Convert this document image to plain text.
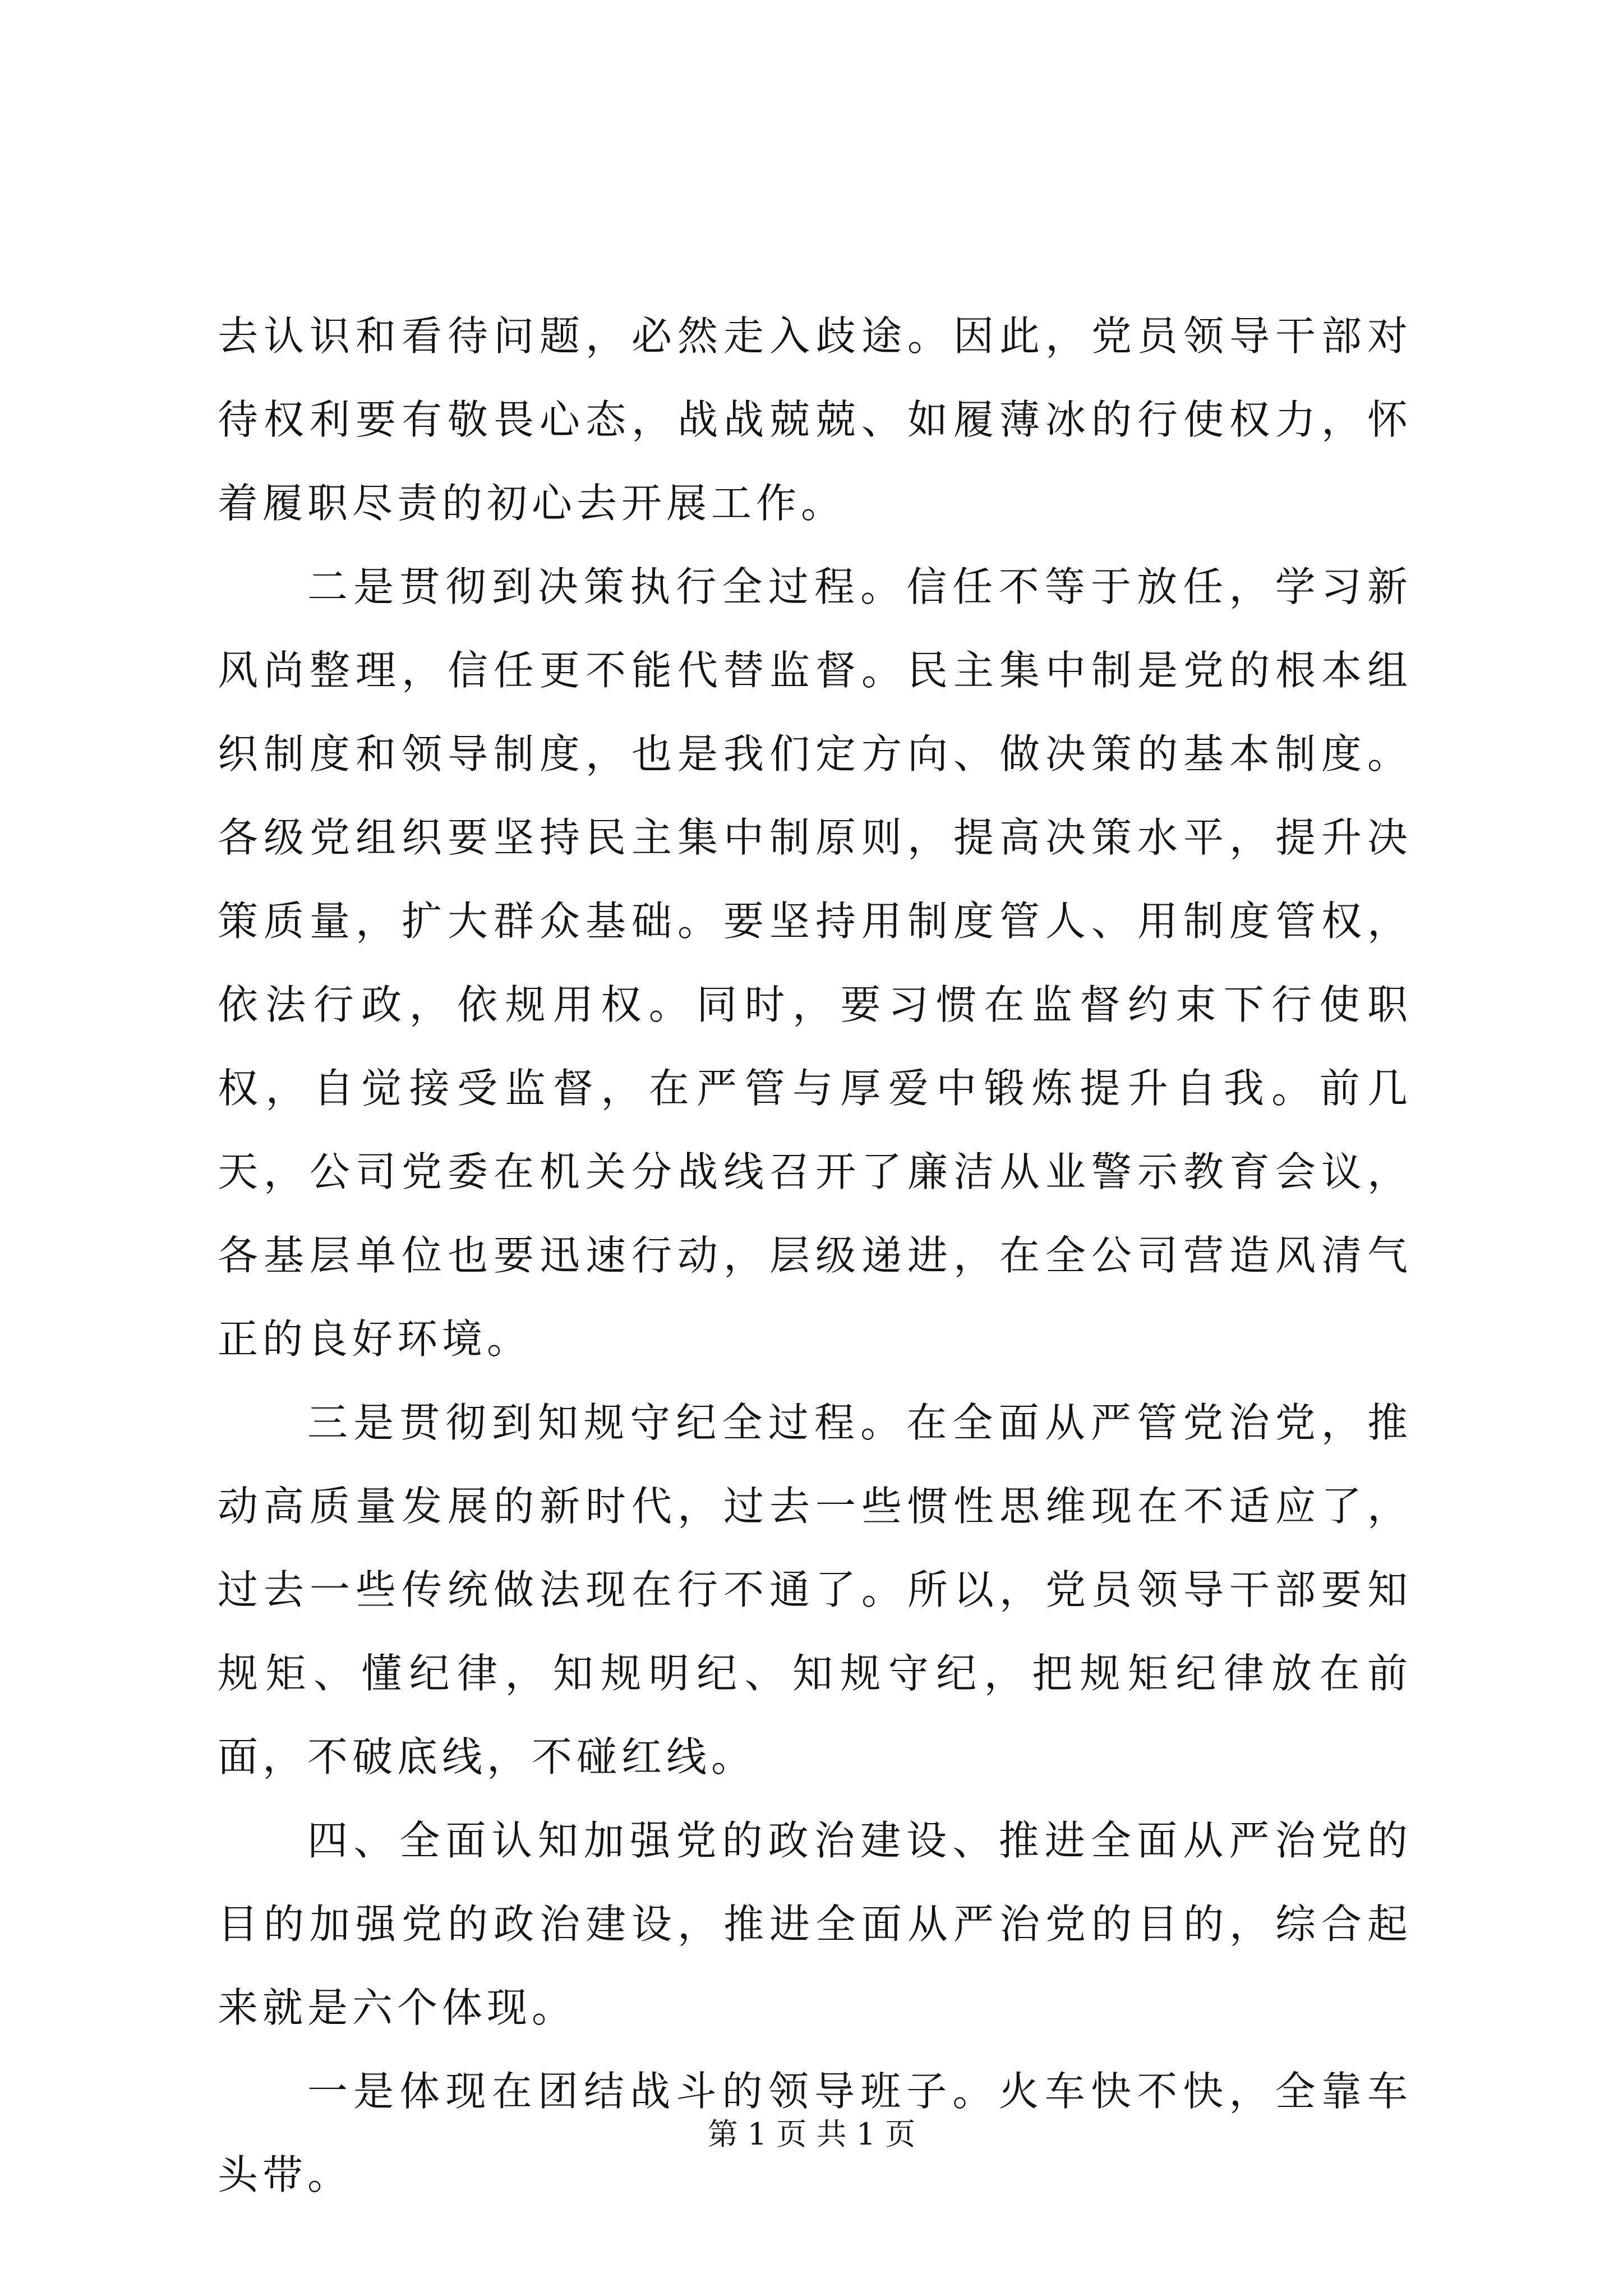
去认识和看待问题，必然走入歧途。因此，党员领导干部对待权利要有敬畏心态，战战兢兢、如履薄冰的行使权力，怀着履职尽责的初心去开展工作。

二是贯彻到决策执行全过程。信任不等于放任，学习新风尚整理，信任更不能代替监督。民主集中制是党的根本组织制度和领导制度，也是我们定方向、做决策的基本制度。各级党组织要坚持民主集中制原则，提高决策水平，提升决策质量，扩大群众基础。要坚持用制度管人、用制度管权，依法行政，依规用权。同时，要习惯在监督约束下行使职权，自觉接受监督，在严管与厚爱中锻炼提升自我。前几天，公司党委在机关分战线召开了廉洁从业警示教育会议，各基层单位也要迅速行动，层级递进，在全公司营造风清气正的良好环境。

三是贯彻到知规守纪全过程。在全面从严管党治党，推动高质量发展的新时代，过去一些惯性思维现在不适应了，过去一些传统做法现在行不通了。所以，党员领导干部要知规矩、懂纪律，知规明纪、知规守纪，把规矩纪律放在前面，不破底线，不碰红线。

四、全面认知加强党的政治建设、推进全面从严治党的目的加强党的政治建设，推进全面从严治党的目的，综合起来就是六个体现。

一是体现在团结战斗的领导班子。火车快不快，全靠车头带。

第 1 页 共 1 页
